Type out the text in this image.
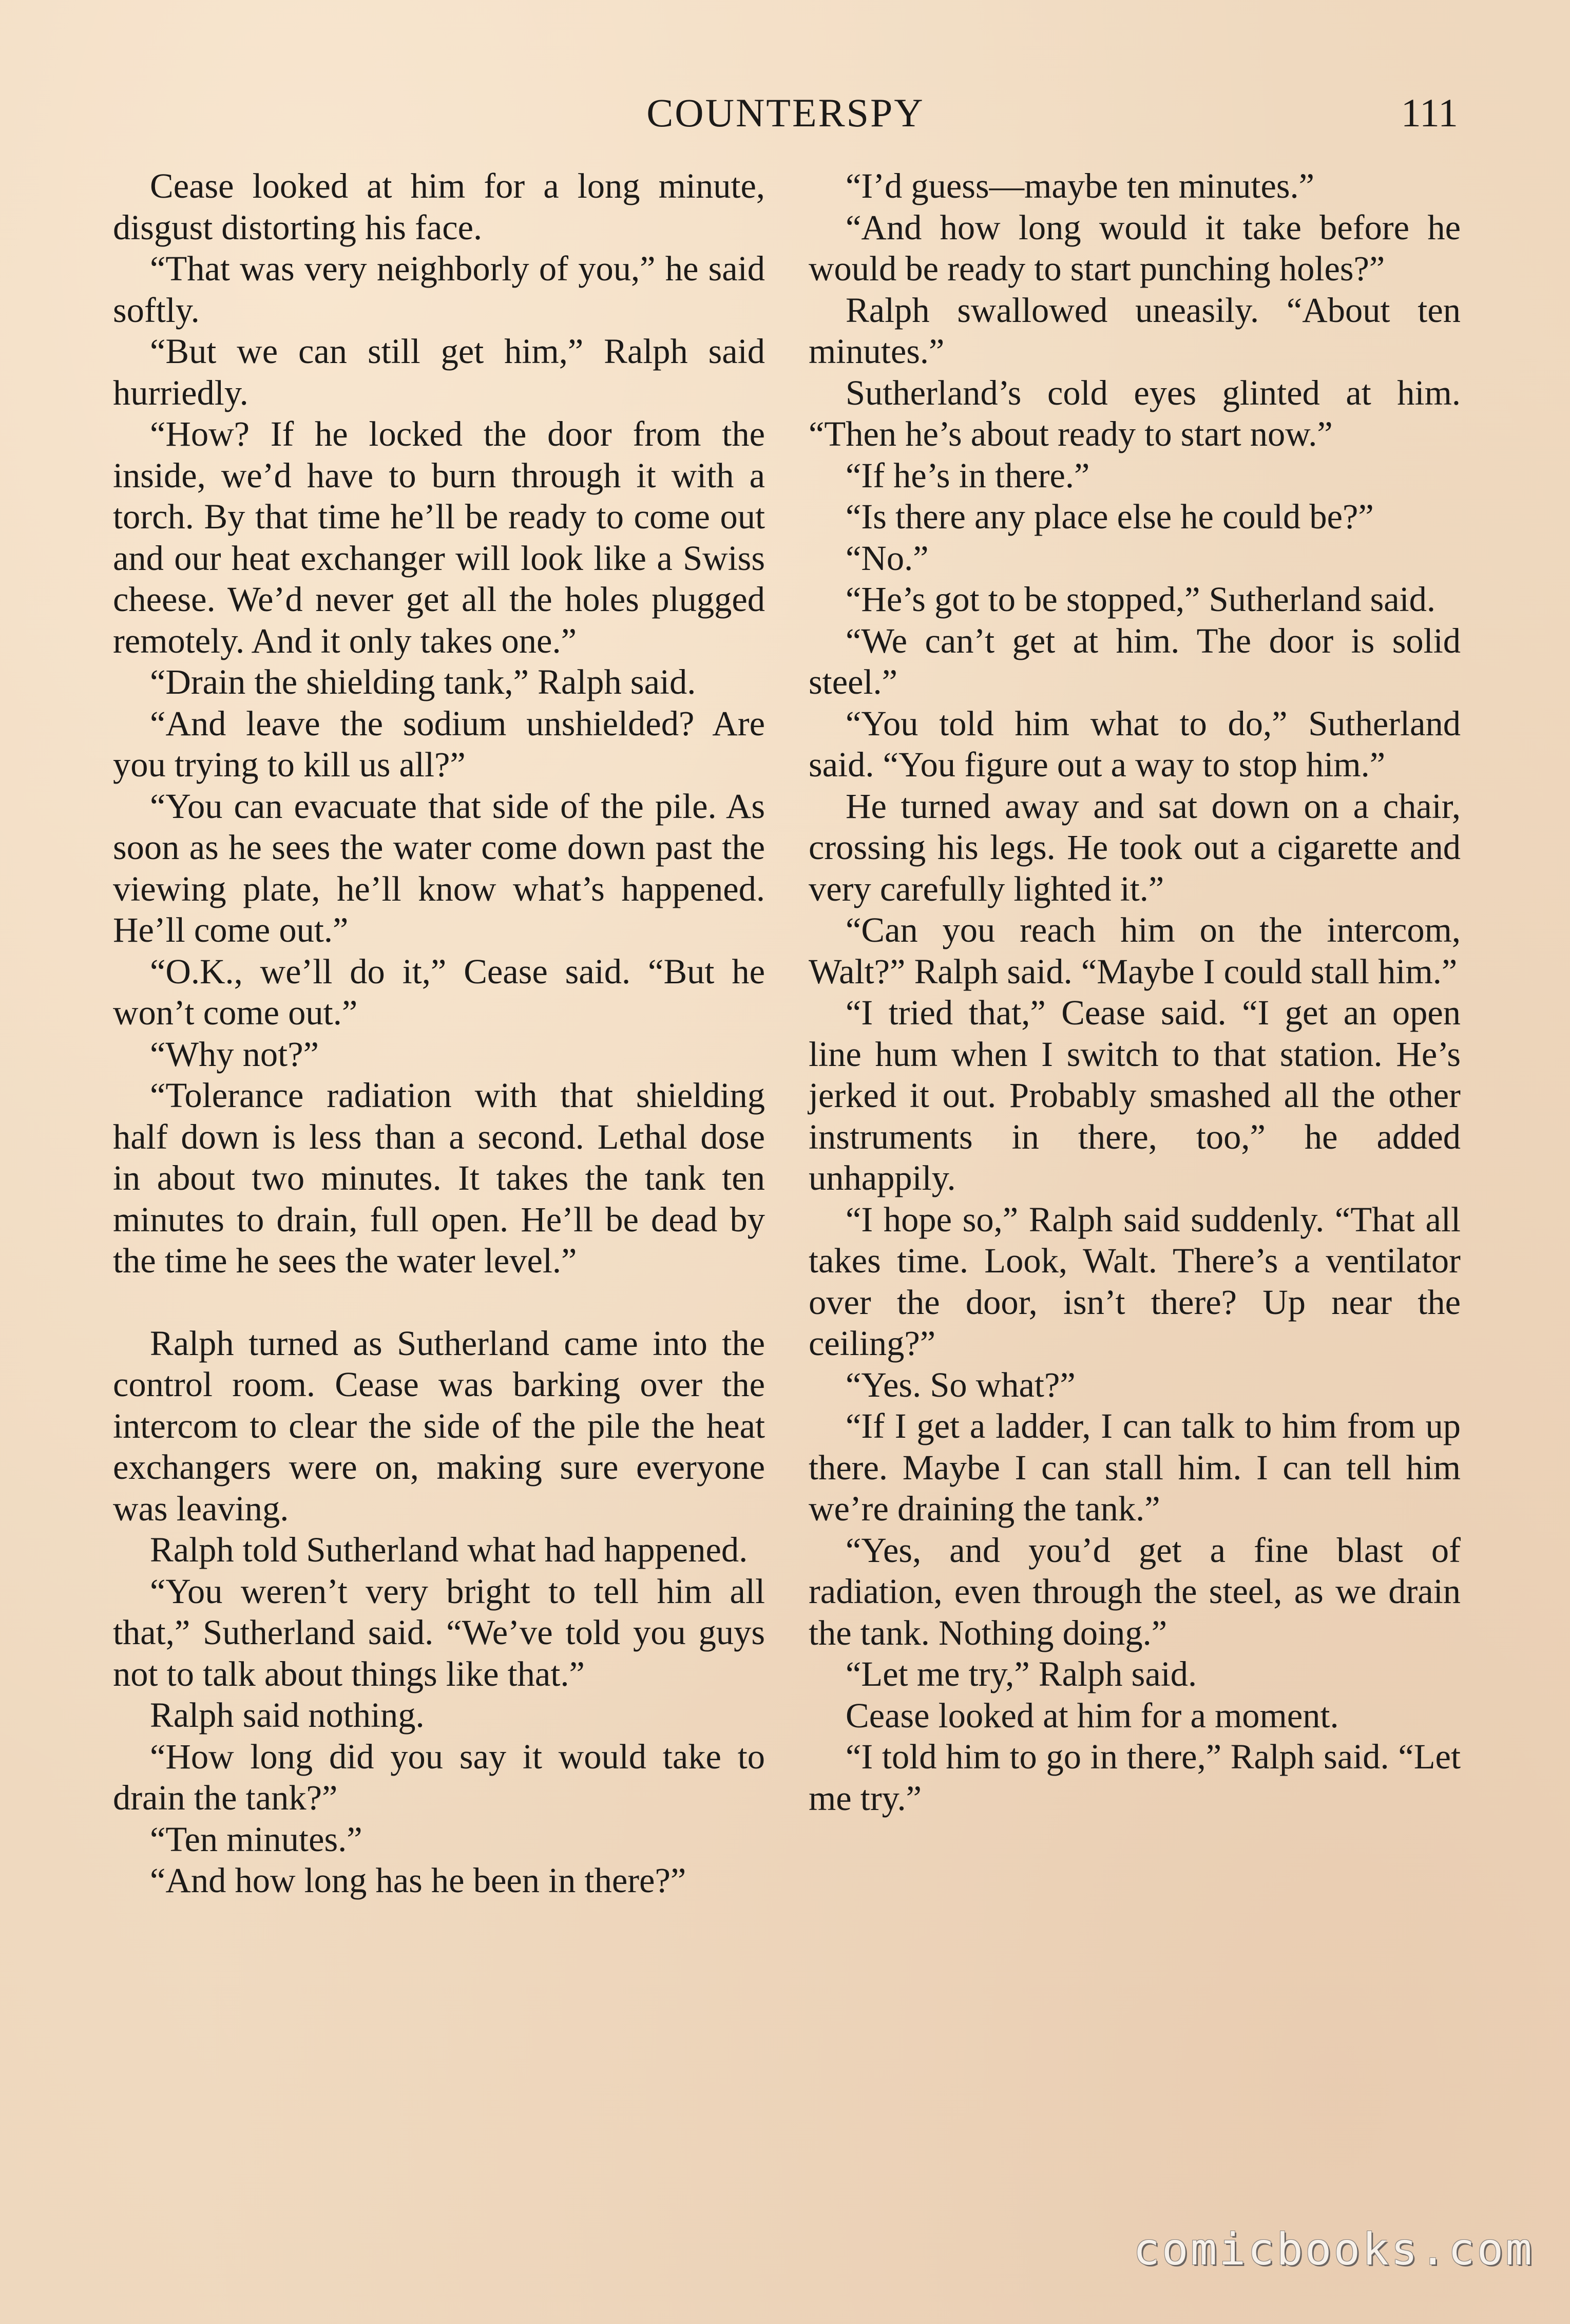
COUNTERSPY	111

Cease looked at him for a long minute, disgust distorting his face.

“That was very neighborly of you,” he said softly.

“But we can still get him,” Ralph said hurriedly.

“How? If he locked the door from the inside, we’d have to burn through it with a torch. By that time he’ll be ready to come out and our heat exchanger will look like a Swiss cheese. We’d never get all the holes plugged remotely. And it only takes one.”

“Drain the shielding tank,” Ralph said.

“And leave the sodium unshielded? Are you trying to kill us all?”

“You can evacuate that side of the pile. As soon as he sees the water come down past the viewing plate, he’ll know what’s happened. He’ll come out.”

“O.K., we’ll do it,” Cease said. “But he won’t come out.”

“Why not?”

“Tolerance radiation with that shielding half down is less than a second. Lethal dose in about two minutes. It takes the tank ten minutes to drain, full open. He’ll be dead by the time he sees the water level.”

Ralph turned as Sutherland came into the control room. Cease was barking over the intercom to clear the side of the pile the heat exchangers were on, making sure everyone was leaving.

Ralph told Sutherland what had happened.

“You weren’t very bright to tell him all that,” Sutherland said. “We’ve told you guys not to talk about things like that.”

Ralph said nothing.

“How long did you say it would take to drain the tank?”

“Ten minutes.”

“And how long has he been in there?”

“I’d guess—maybe ten minutes.”

“And how long would it take before he would be ready to start punching holes?”

Ralph swallowed uneasily. “About ten minutes.”

Sutherland’s cold eyes glinted at him. “Then he’s about ready to start now.”

“If he’s in there.”

“Is there any place else he could be?”

“No.”

“He’s got to be stopped,” Sutherland said.

“We can’t get at him. The door is solid steel.”

“You told him what to do,” Sutherland said. “You figure out a way to stop him.”

He turned away and sat down on a chair, crossing his legs. He took out a cigarette and very carefully lighted it.”

“Can you reach him on the intercom, Walt?” Ralph said. “Maybe I could stall him.”

“I tried that,” Cease said. “I get an open line hum when I switch to that station. He’s jerked it out. Probably smashed all the other instruments in there, too,” he added unhappily.

“I hope so,” Ralph said suddenly. “That all takes time. Look, Walt. There’s a ventilator over the door, isn’t there? Up near the ceiling?”

“Yes. So what?”

“If I get a ladder, I can talk to him from up there. Maybe I can stall him. I can tell him we’re draining the tank.”

“Yes, and you’d get a fine blast of radiation, even through the steel, as we drain the tank. Nothing doing.”

“Let me try,” Ralph said.

Cease looked at him for a moment.

“I told him to go in there,” Ralph said. “Let me try.”

comicbooks.com
